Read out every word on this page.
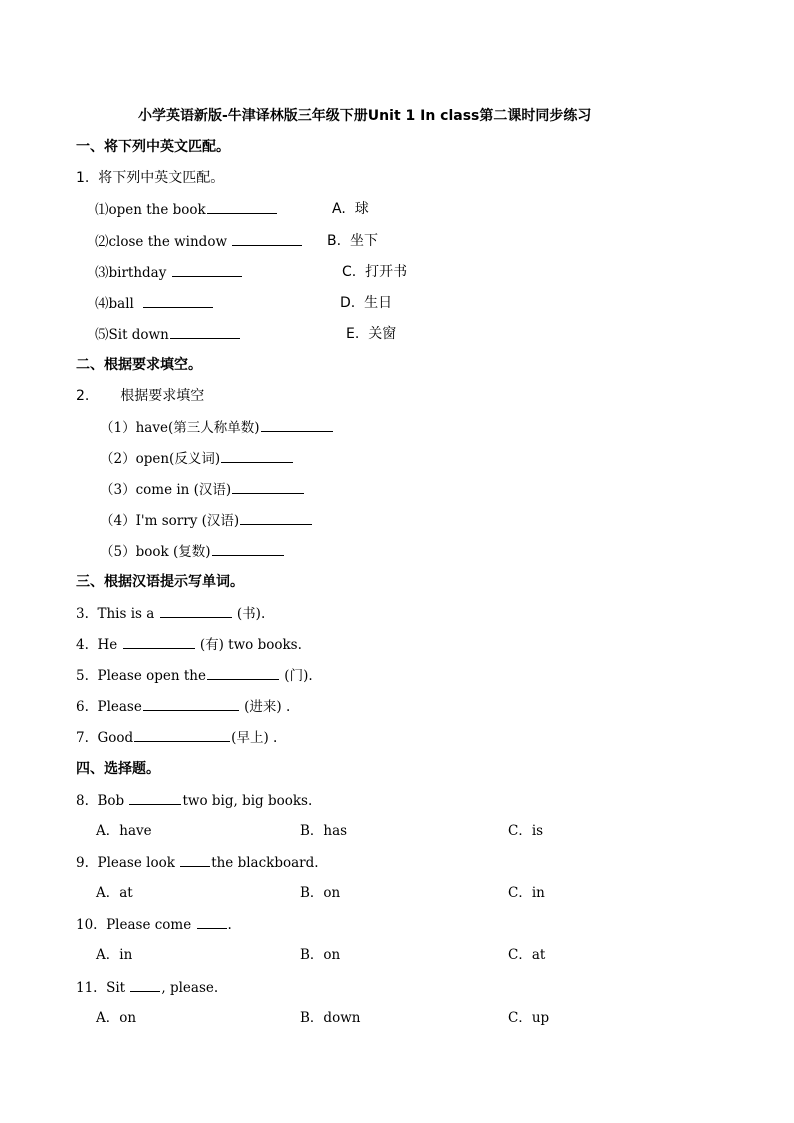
小学英语新版-牛津译林版三年级下册Unit 1 In class第二课时同步练习
一、将下列中英文匹配。
1. 将下列中英文匹配。
⑴open the book	A. 球
⑵close the window	B. 坐下
⑶birthday	C. 打开书
⑷ball	D. 生日
⑸Sit down	E. 关窗
二、根据要求填空。
2. 根据要求填空
（1）have(第三人称单数)
（2）open(反义词)
（3）come in (汉语)
（4）I'm sorry (汉语)
（5）book (复数)
三、根据汉语提示写单词。
3. This is a	(书).
4. He	(有) two books.
5. Please open the	(门).
6. Please	(进来) .
7. Good	(早上) .
四、选择题。
8. Bob	two big, big books.
A．have	B．has	C．is
9. Please look	the blackboard.
A．at	B．on	C．in
10. Please come	.
A．in	B．on	C．at
11. Sit	, please.
A．on	B．down	C．up
